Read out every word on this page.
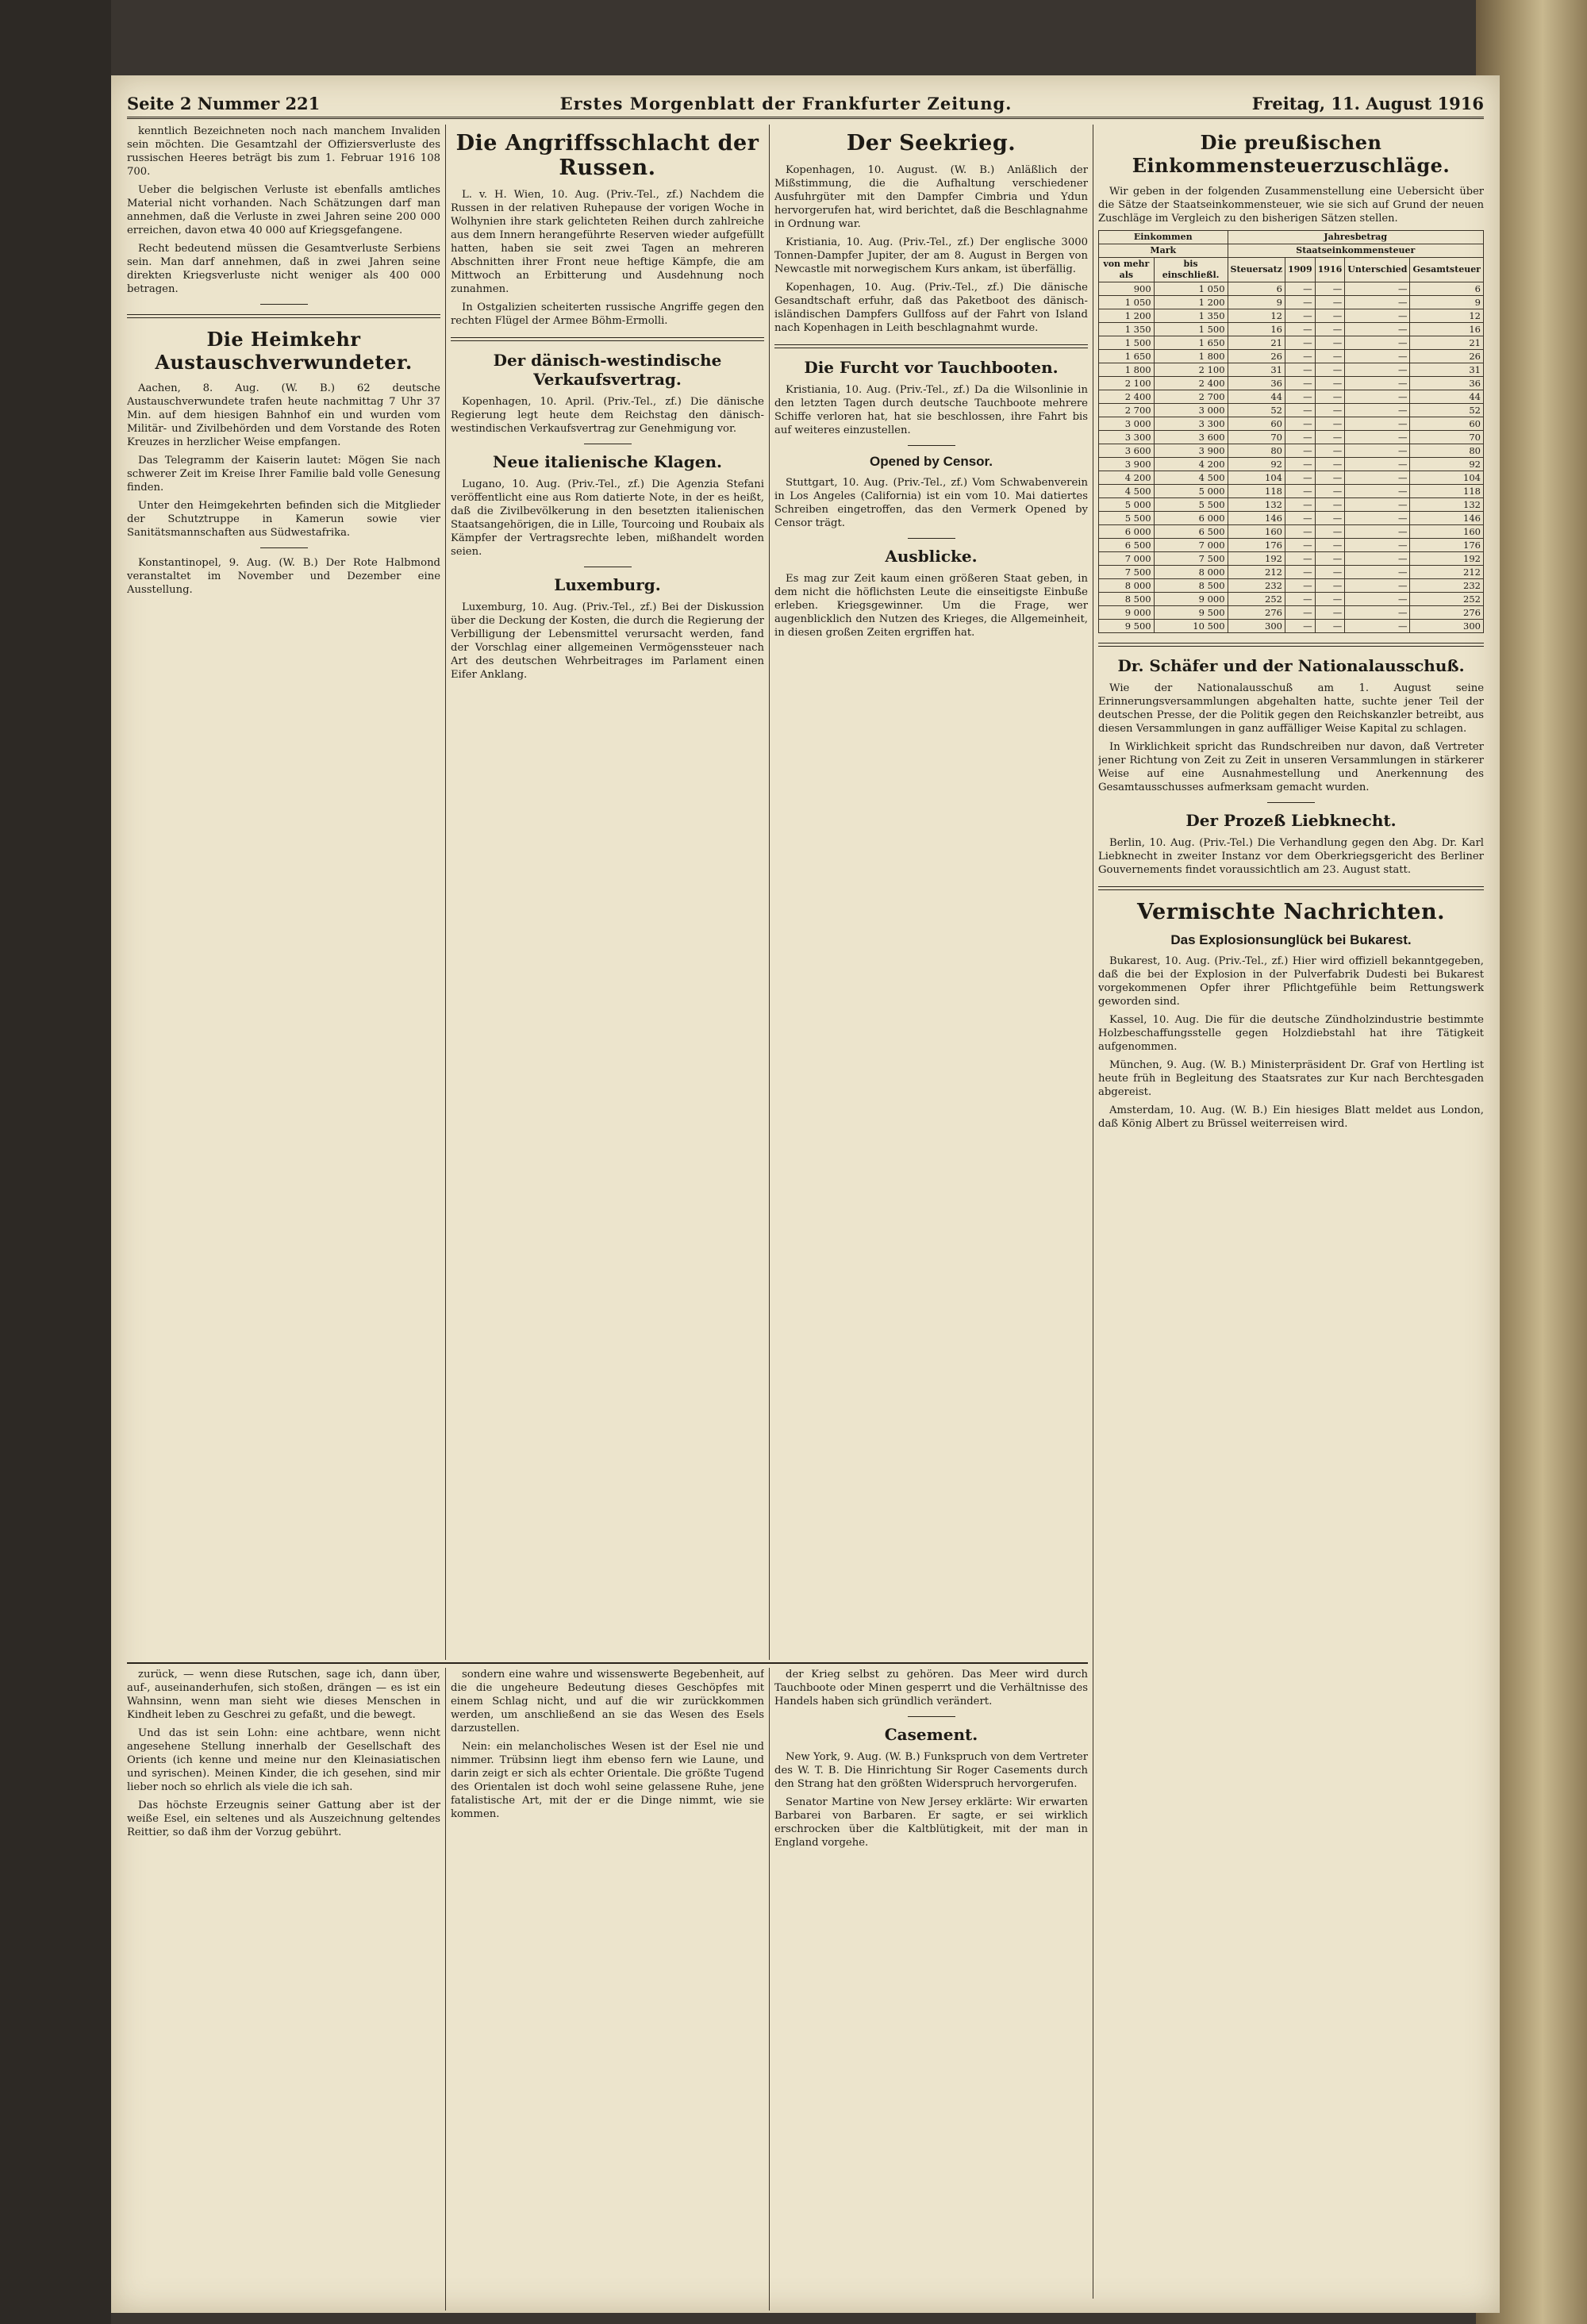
Seite 2 Nummer 221	Erstes Morgenblatt der Frankfurter Zeitung.	Freitag, 11. August 1916

kenntlich Bezeichneten noch nach manchem Invaliden sein möchten. Die Gesamtzahl der Offiziersverluste des russischen Heeres beträgt bis zum 1. Februar 1916 108 700.

Ueber die belgischen Verluste ist ebenfalls amtliches Material nicht vorhanden. Nach Schätzungen darf man annehmen, daß die Verluste in zwei Jahren seine 200 000 erreichen, davon etwa 40 000 auf Kriegsgefangene.

Recht bedeutend müssen die Gesamtverluste Serbiens sein. Man darf annehmen, daß in zwei Jahren seine direkten Kriegsverluste nicht weniger als 400 000 betragen.

Die Heimkehr Austauschverwundeter.

Aachen, 8. Aug. (W. B.) 62 deutsche Austauschverwundete trafen heute nachmittag 7 Uhr 37 Min. auf dem hiesigen Bahnhof ein und wurden vom Militär- und Zivilbehörden und dem Vorstande des Roten Kreuzes in herzlicher Weise empfangen.

Das Telegramm der Kaiserin lautet: Mögen Sie nach schwerer Zeit im Kreise Ihrer Familie bald volle Genesung finden.

Unter den Heimgekehrten befinden sich die Mitglieder der Schutztruppe in Kamerun sowie vier Sanitätsmannschaften aus Südwestafrika.

Konstantinopel, 9. Aug. (W. B.) Der Rote Halbmond veranstaltet im November und Dezember eine Ausstellung.

Die Angriffsschlacht der Russen.

L. v. H. Wien, 10. Aug. (Priv.-Tel., zf.) Nachdem die Russen in der relativen Ruhepause der vorigen Woche in Wolhynien ihre stark gelichteten Reihen durch zahlreiche aus dem Innern herangeführte Reserven wieder aufgefüllt hatten, haben sie seit zwei Tagen an mehreren Abschnitten ihrer Front neue heftige Kämpfe, die am Mittwoch an Erbitterung und Ausdehnung noch zunahmen.

In Ostgalizien scheiterten russische Angriffe gegen den rechten Flügel der Armee Böhm-Ermolli.

Der dänisch-westindische Verkaufsvertrag.

Kopenhagen, 10. April. (Priv.-Tel., zf.) Die dänische Regierung legt heute dem Reichstag den dänisch-westindischen Verkaufsvertrag zur Genehmigung vor.

Neue italienische Klagen.

Lugano, 10. Aug. (Priv.-Tel., zf.) Die Agenzia Stefani veröffentlicht eine aus Rom datierte Note, in der es heißt, daß die Zivilbevölkerung in den besetzten italienischen Staatsangehörigen, die in Lille, Tourcoing und Roubaix als Kämpfer der Vertragsrechte leben, mißhandelt worden seien.

Luxemburg.

Luxemburg, 10. Aug. (Priv.-Tel., zf.) Bei der Diskussion über die Deckung der Kosten, die durch die Regierung der Verbilligung der Lebensmittel verursacht werden, fand der Vorschlag einer allgemeinen Vermögenssteuer nach Art des deutschen Wehrbeitrages im Parlament einen Eifer Anklang.

Der Seekrieg.

Kopenhagen, 10. August. (W. B.) Anläßlich der Mißstimmung, die die Aufhaltung verschiedener Ausfuhrgüter mit den Dampfer Cimbria und Ydun hervorgerufen hat, wird berichtet, daß die Beschlagnahme in Ordnung war.

Kristiania, 10. Aug. (Priv.-Tel., zf.) Der englische 3000 Tonnen-Dampfer Jupiter, der am 8. August in Bergen von Newcastle mit norwegischem Kurs ankam, ist überfällig.

Kopenhagen, 10. Aug. (Priv.-Tel., zf.) Die dänische Gesandtschaft erfuhr, daß das Paketboot des dänisch-isländischen Dampfers Gullfoss auf der Fahrt von Island nach Kopenhagen in Leith beschlagnahmt wurde.

Die Furcht vor Tauchbooten.

Kristiania, 10. Aug. (Priv.-Tel., zf.) Da die Wilsonlinie in den letzten Tagen durch deutsche Tauchboote mehrere Schiffe verloren hat, hat sie beschlossen, ihre Fahrt bis auf weiteres einzustellen.

Opened by Censor.

Stuttgart, 10. Aug. (Priv.-Tel., zf.) Vom Schwabenverein in Los Angeles (California) ist ein vom 10. Mai datiertes Schreiben eingetroffen, das den Vermerk Opened by Censor trägt.

Ausblicke.

Es mag zur Zeit kaum einen größeren Staat geben, in dem nicht die höflichsten Leute die einseitigste Einbuße erleben. Kriegsgewinner. Um die Frage, wer augenblicklich den Nutzen des Krieges, die Allgemeinheit, in diesen großen Zeiten ergriffen hat.

Die preußischen Einkommensteuerzuschläge.

Wir geben in der folgenden Zusammenstellung eine Uebersicht über die Sätze der Staatseinkommensteuer, wie sie sich auf Grund der neuen Zuschläge im Vergleich zu den bisherigen Sätzen stellen.

Einkommen		Jahresbetrag				
Mark		Staatseinkommensteuer				
von mehr als	bis einschließl.	Steuersatz	1909	1916	Unterschied	Gesamtsteuer
900	1 050	6	—	—	—	6
1 050	1 200	9	—	—	—	9
1 200	1 350	12	—	—	—	12
1 350	1 500	16	—	—	—	16
1 500	1 650	21	—	—	—	21
1 650	1 800	26	—	—	—	26
1 800	2 100	31	—	—	—	31
2 100	2 400	36	—	—	—	36
2 400	2 700	44	—	—	—	44
2 700	3 000	52	—	—	—	52
3 000	3 300	60	—	—	—	60
3 300	3 600	70	—	—	—	70
3 600	3 900	80	—	—	—	80
3 900	4 200	92	—	—	—	92
4 200	4 500	104	—	—	—	104
4 500	5 000	118	—	—	—	118
5 000	5 500	132	—	—	—	132
5 500	6 000	146	—	—	—	146
6 000	6 500	160	—	—	—	160
6 500	7 000	176	—	—	—	176
7 000	7 500	192	—	—	—	192
7 500	8 000	212	—	—	—	212
8 000	8 500	232	—	—	—	232
8 500	9 000	252	—	—	—	252
9 000	9 500	276	—	—	—	276
9 500	10 500	300	—	—	—	300
Dr. Schäfer und der Nationalausschuß.

Wie der Nationalausschuß am 1. August seine Erinnerungsversammlungen abgehalten hatte, suchte jener Teil der deutschen Presse, der die Politik gegen den Reichskanzler betreibt, aus diesen Versammlungen in ganz auffälliger Weise Kapital zu schlagen.

In Wirklichkeit spricht das Rundschreiben nur davon, daß Vertreter jener Richtung von Zeit zu Zeit in unseren Versammlungen in stärkerer Weise auf eine Ausnahmestellung und Anerkennung des Gesamtausschusses aufmerksam gemacht wurden.

Der Prozeß Liebknecht.

Berlin, 10. Aug. (Priv.-Tel.) Die Verhandlung gegen den Abg. Dr. Karl Liebknecht in zweiter Instanz vor dem Oberkriegsgericht des Berliner Gouvernements findet voraussichtlich am 23. August statt.

Vermischte Nachrichten.
Das Explosionsunglück bei Bukarest.

Bukarest, 10. Aug. (Priv.-Tel., zf.) Hier wird offiziell bekanntgegeben, daß die bei der Explosion in der Pulverfabrik Dudesti bei Bukarest vorgekommenen Opfer ihrer Pflichtgefühle beim Rettungswerk geworden sind.

Kassel, 10. Aug. Die für die deutsche Zündholzindustrie bestimmte Holzbeschaffungsstelle gegen Holzdiebstahl hat ihre Tätigkeit aufgenommen.

München, 9. Aug. (W. B.) Ministerpräsident Dr. Graf von Hertling ist heute früh in Begleitung des Staatsrates zur Kur nach Berchtesgaden abgereist.

Amsterdam, 10. Aug. (W. B.) Ein hiesiges Blatt meldet aus London, daß König Albert zu Brüssel weiterreisen wird.

zurück, — wenn diese Rutschen, sage ich, dann über, auf-, auseinanderhufen, sich stoßen, drängen — es ist ein Wahnsinn, wenn man sieht wie dieses Menschen in Kindheit leben zu Geschrei zu gefaßt, und die bewegt.

Und das ist sein Lohn: eine achtbare, wenn nicht angesehene Stellung innerhalb der Gesellschaft des Orients (ich kenne und meine nur den Kleinasiatischen und syrischen). Meinen Kinder, die ich gesehen, sind mir lieber noch so ehrlich als viele die ich sah.

Das höchste Erzeugnis seiner Gattung aber ist der weiße Esel, ein seltenes und als Auszeichnung geltendes Reittier, so daß ihm der Vorzug gebührt.

sondern eine wahre und wissenswerte Begebenheit, auf die die ungeheure Bedeutung dieses Geschöpfes mit einem Schlag nicht, und auf die wir zurückkommen werden, um anschließend an sie das Wesen des Esels darzustellen.

Nein: ein melancholisches Wesen ist der Esel nie und nimmer. Trübsinn liegt ihm ebenso fern wie Laune, und darin zeigt er sich als echter Orientale. Die größte Tugend des Orientalen ist doch wohl seine gelassene Ruhe, jene fatalistische Art, mit der er die Dinge nimmt, wie sie kommen.

der Krieg selbst zu gehören. Das Meer wird durch Tauchboote oder Minen gesperrt und die Verhältnisse des Handels haben sich gründlich verändert.

Casement.

New York, 9. Aug. (W. B.) Funkspruch von dem Vertreter des W. T. B. Die Hinrichtung Sir Roger Casements durch den Strang hat den größten Widerspruch hervorgerufen.

Senator Martine von New Jersey erklärte: Wir erwarten Barbarei von Barbaren. Er sagte, er sei wirklich erschrocken über die Kaltblütigkeit, mit der man in England vorgehe.
